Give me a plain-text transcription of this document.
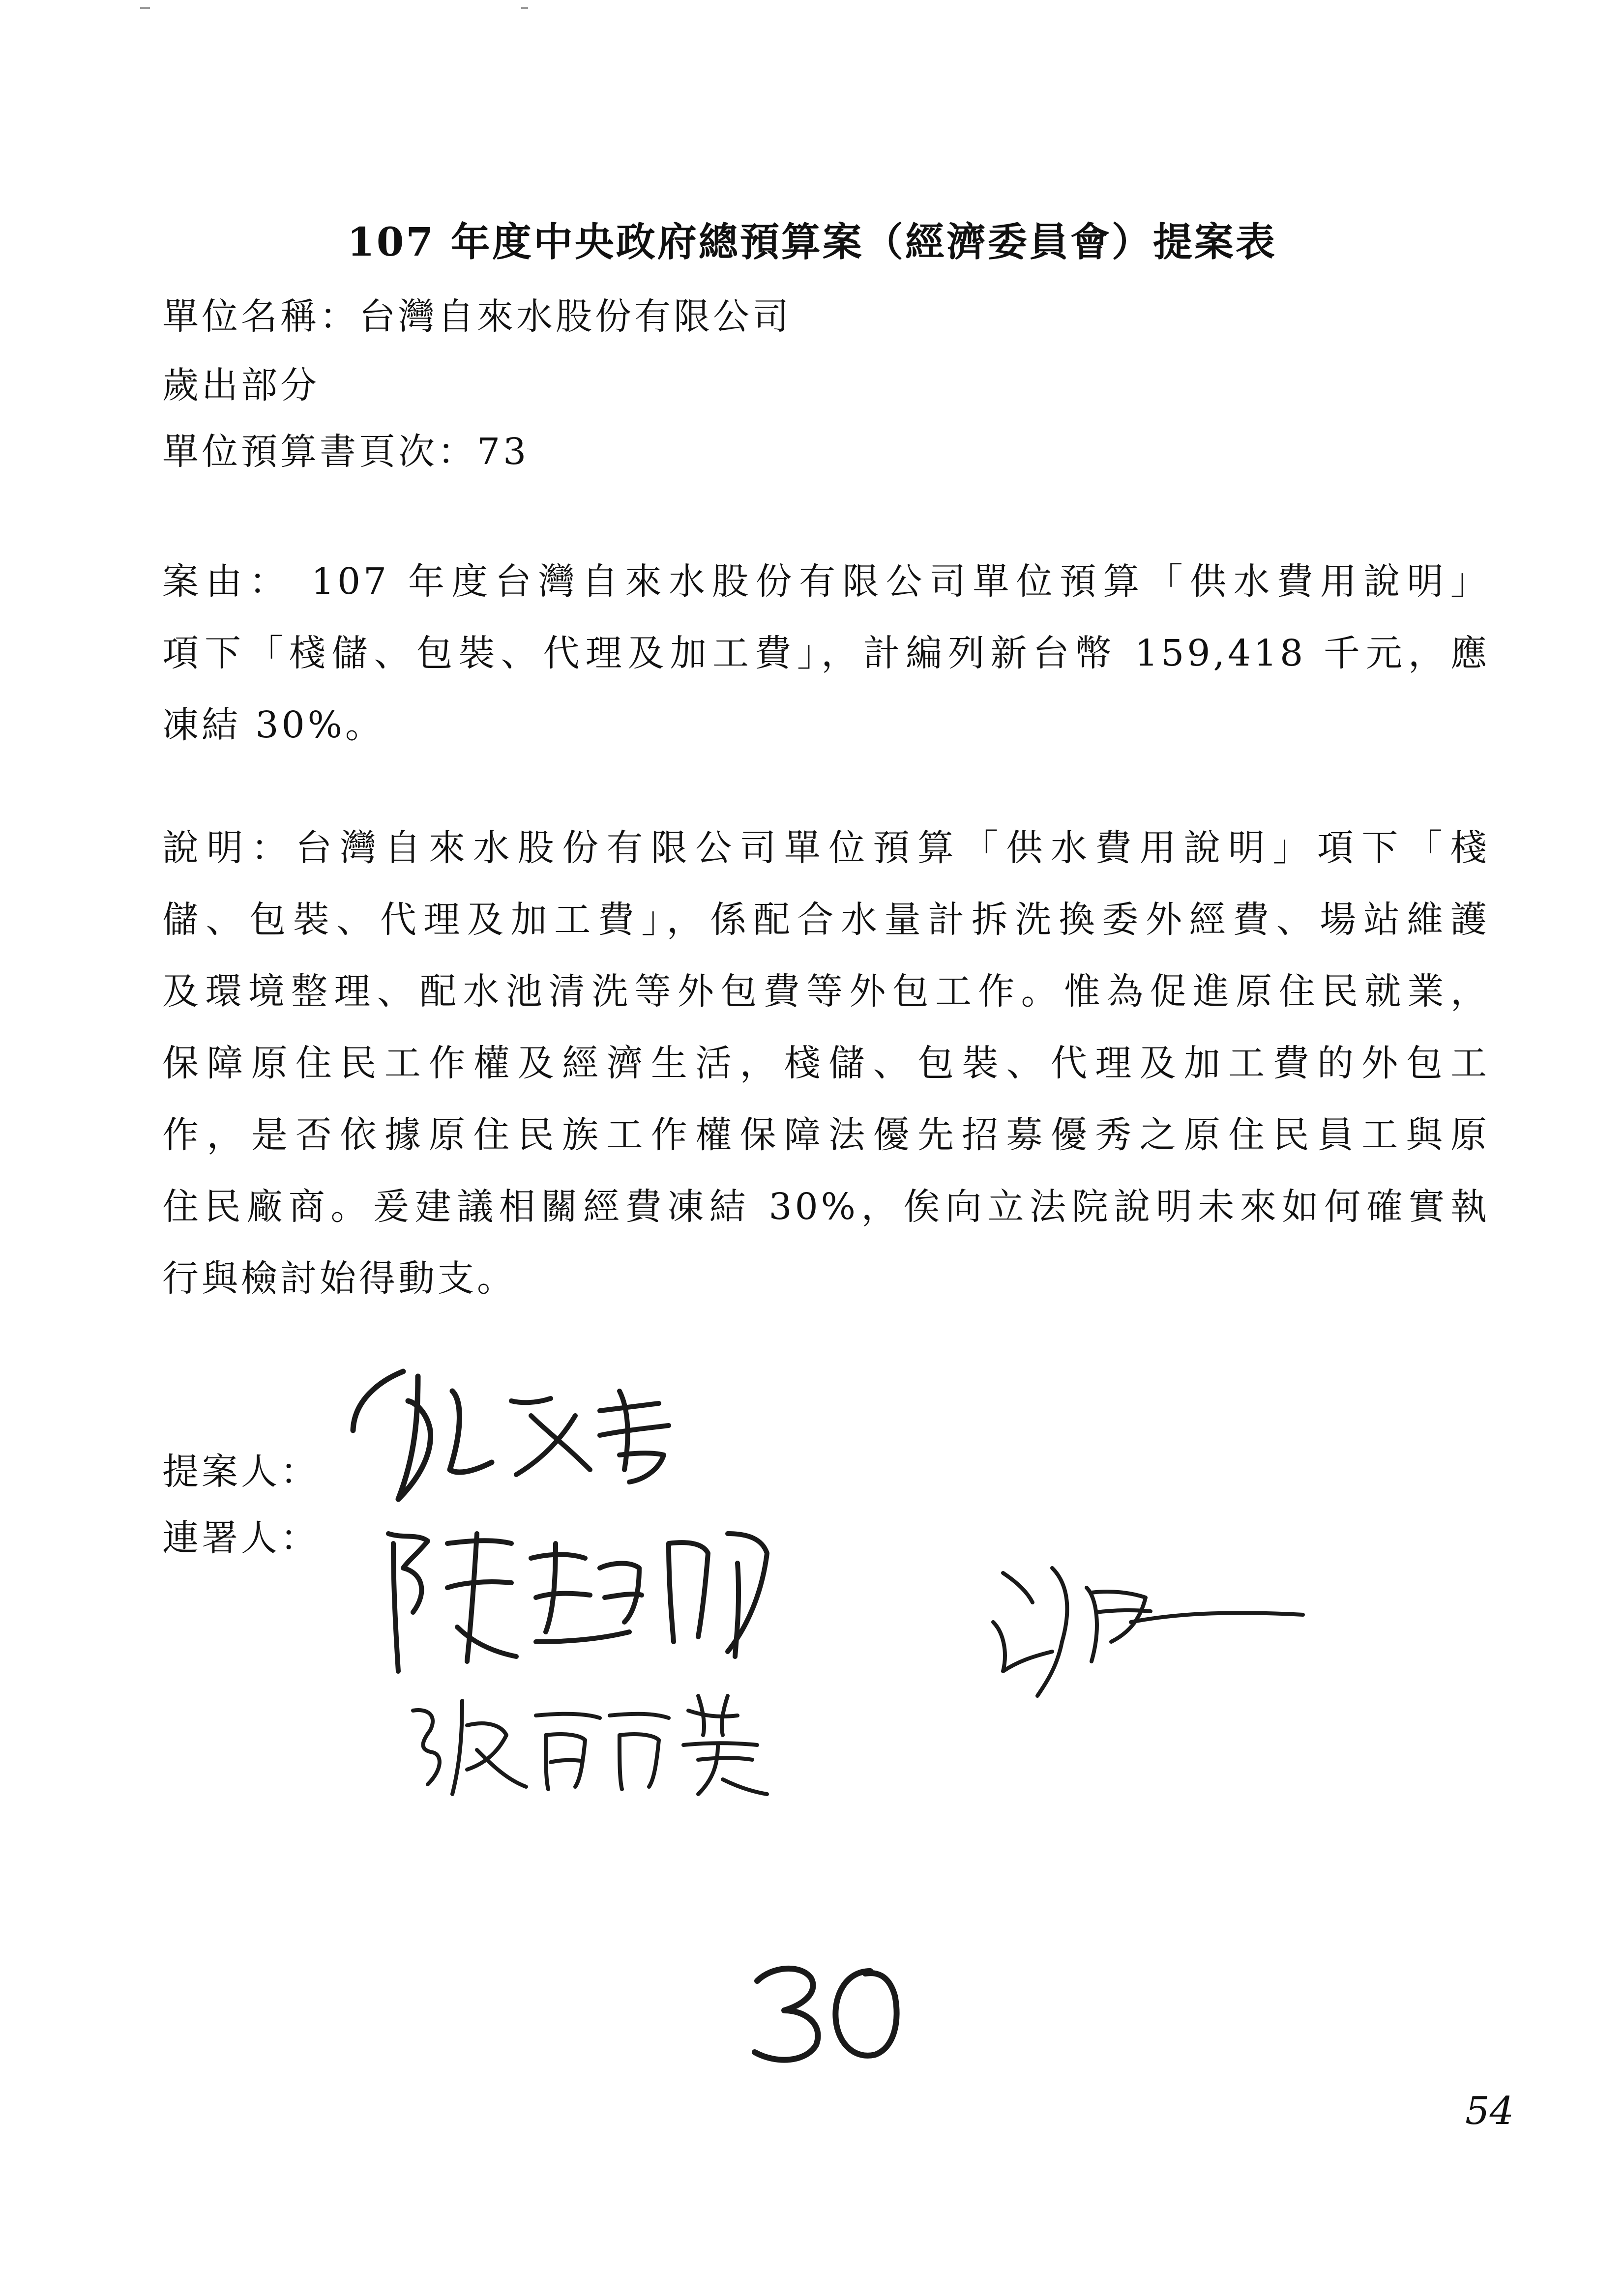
107 年度中央政府總預算案（經濟委員會）提案表
單位名稱：台灣自來水股份有限公司
歲出部分
單位預算書頁次：73
案由： 107 年度台灣自來水股份有限公司單位預算「供水費用說明」
項下「棧儲、包裝、代理及加工費」，計編列新台幣 159,418 千元，應
凍結 30%。
說明：台灣自來水股份有限公司單位預算「供水費用說明」項下「棧
儲、包裝、代理及加工費」，係配合水量計拆洗換委外經費、場站維護
及環境整理、配水池清洗等外包費等外包工作。惟為促進原住民就業，
保障原住民工作權及經濟生活，棧儲、包裝、代理及加工費的外包工
作，是否依據原住民族工作權保障法優先招募優秀之原住民員工與原
住民廠商。爰建議相關經費凍結 30%，俟向立法院說明未來如何確實執
行與檢討始得動支。
提案人：
連署人：
54
